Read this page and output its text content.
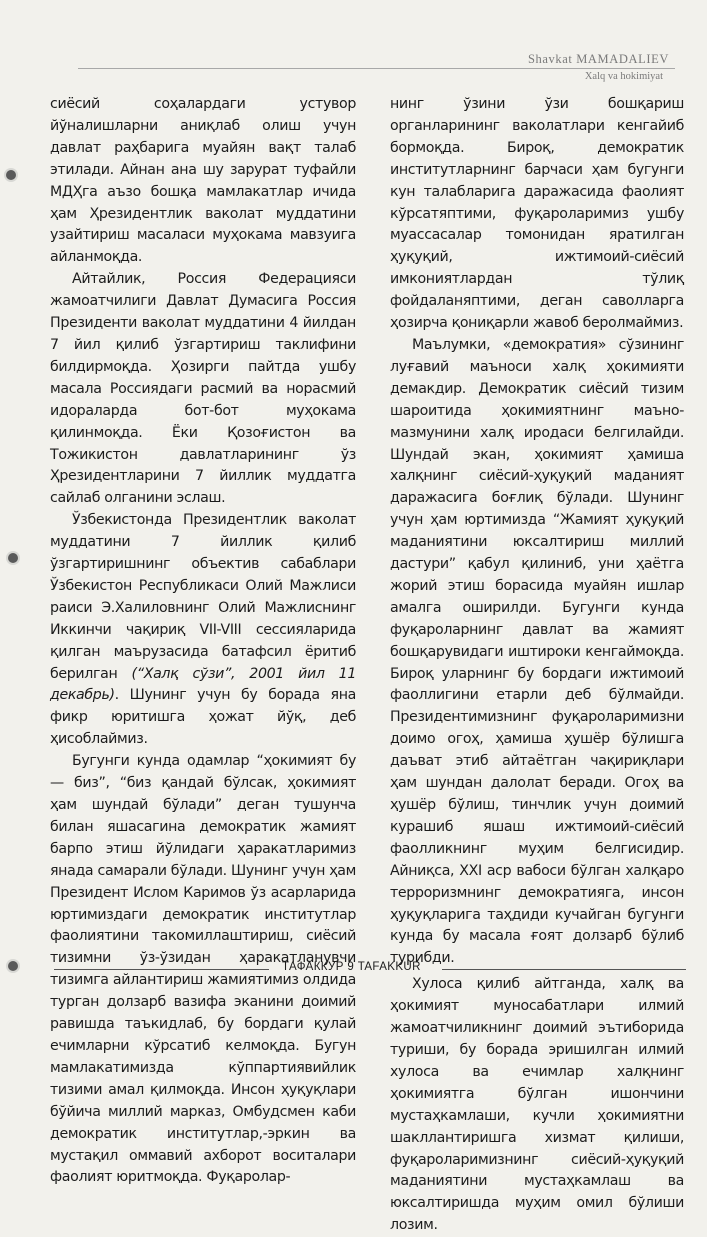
Shavkat MAMADALIEV
Xalq va hokimiyat

сиёсий соҳалардаги устувор йўналишларни аниқлаб олиш учун давлат раҳбарига муайян вақт талаб этилади. Айнан ана шу зарурат туфайли МДҲга аъзо бошқа мамлакатлар ичида ҳам Ҳрезидентлик ваколат муддатини узайтириш масаласи муҳокама мавзуига айланмоқда.

Айтайлик, Россия Федерацияси жамоатчилиги Давлат Думасига Россия Президенти ваколат муддатини 4 йилдан 7 йил қилиб ўзгартириш таклифини билдирмоқда. Ҳозирги пайтда ушбу масала Россиядаги расмий ва норасмий идораларда бот-бот муҳокама қилинмоқда. Ёки Қозоғистон ва Тожикистон давлатларининг ўз Ҳрезидентларини 7 йиллик муддатга сайлаб олганини эслаш.

Ўзбекистонда Президентлик ваколат муддатини 7 йиллик қилиб ўзгартиришнинг объектив сабаблари Ўзбекистон Республикаси Олий Мажлиси раиси Э.Халиловнинг Олий Мажлиснинг Иккинчи чақириқ VII-VIII сессияларида қилган маърузасида батафсил ёритиб берилган (“Халқ сўзи”, 2001 йил 11 декабрь). Шунинг учун бу борада яна фикр юритишга ҳожат йўқ, деб ҳисоблаймиз.

Бугунги кунда одамлар “ҳокимият бу — биз”, “биз қандай бўлсак, ҳокимият ҳам шундай бўлади” деган тушунча билан яшасагина демократик жамият барпо этиш йўлидаги ҳаракатларимиз янада самарали бўлади. Шунинг учун ҳам Президент Ислом Каримов ўз асарларида юртимиздаги демократик институтлар фаолиятини такомиллаштириш, сиёсий тизимни ўз-ўзидан ҳаракатланувчи тизимга айлантириш жамиятимиз олдида турган долзарб вазифа эканини доимий равишда таъкидлаб, бу бордаги қулай ечимларни кўрсатиб келмоқда. Бугун мамлакатимизда кўппартиявийлик тизими амал қилмоқда. Инсон ҳуқуқлари бўйича миллий марказ, Омбудсмен каби демократик институтлар,-эркин ва мустақил оммавий ахборот воситалари фаолият юритмоқда. Фуқаролар-

нинг ўзини ўзи бошқариш органларининг ваколатлари кенгайиб бормоқда. Бироқ, демократик институтларнинг барчаси ҳам бугунги кун талабларига даражасида фаолият кўрсатяптими, фуқароларимиз ушбу муассасалар томонидан яратилган ҳуқуқий, ижтимоий-сиёсий имкониятлардан тўлиқ фойдаланяптими, деган саволларга ҳозирча қониқарли жавоб беролмаймиз.

Маълумки, «демократия» сўзининг луғавий маъноси халқ ҳокимияти демакдир. Демократик сиёсий тизим шароитида ҳокимиятнинг маъно-мазмунини халқ иродаси белгилайди. Шундай экан, ҳокимият ҳамиша халқнинг сиёсий-ҳуқуқий маданият даражасига боғлиқ бўлади. Шунинг учун ҳам юртимизда “Жамият ҳуқуқий маданиятини юксалтириш миллий дастури” қабул қилиниб, уни ҳаётга жорий этиш борасида муайян ишлар амалга оширилди. Бугунги кунда фуқароларнинг давлат ва жамият бошқарувидаги иштироки кенгаймоқда. Бироқ уларнинг бу бордаги ижтимоий фаоллигини етарли деб бўлмайди. Президентимизнинг фуқароларимизни доимо огоҳ, ҳамиша ҳушёр бўлишга даъват этиб айтаётган чақириқлари ҳам шундан далолат беради. Огоҳ ва ҳушёр бўлиш, тинчлик учун доимий курашиб яшаш ижтимоий-сиёсий фаолликнинг муҳим белгисидир. Айниқса, XXI аср вабоси бўлган халқаро терроризмнинг демократияга, инсон ҳуқуқларига таҳдиди кучайган бугунги кунда бу масала ғоят долзарб бўлиб турибди.

Хулоса қилиб айтганда, халқ ва ҳокимият муносабатлари илмий жамоатчиликнинг доимий эътиборида туриши, бу борада эришилган илмий хулоса ва ечимлар халқнинг ҳокимиятга бўлган ишончини мустаҳкамлаши, кучли ҳокимиятни шакллантиришга хизмат қилиши, фуқароларимизнинг сиёсий-ҳуқуқий маданиятини мустаҳкамлаш ва юксалтиришда муҳим омил бўлиши лозим.

ТАФАККУР 9 TAFAKKUR
